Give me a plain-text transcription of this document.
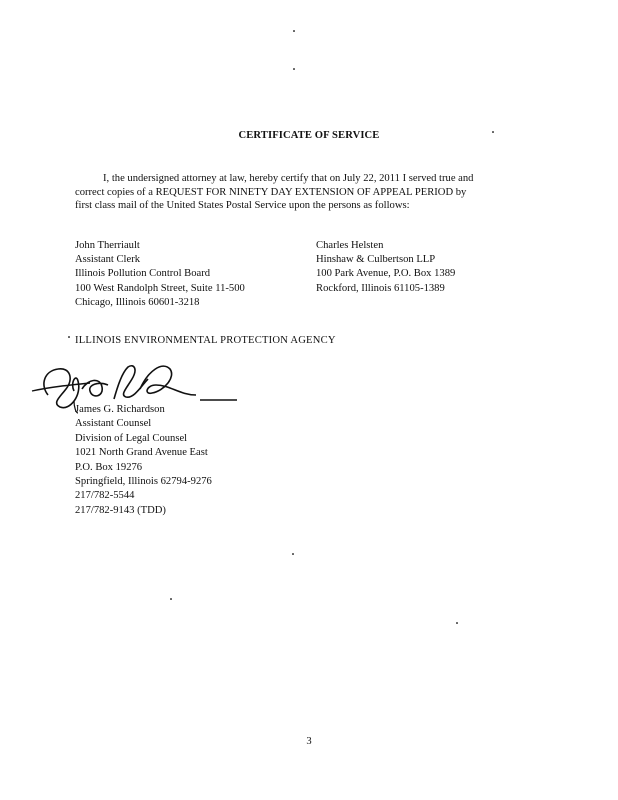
CERTIFICATE OF SERVICE
I, the undersigned attorney at law, hereby certify that on July 22, 2011 I served true and
correct copies of a REQUEST FOR NINETY DAY EXTENSION OF APPEAL PERIOD by
first class mail of the United States Postal Service upon the persons as follows:
John Therriault
Assistant Clerk
Illinois Pollution Control Board
100 West Randolph Street, Suite 11-500
Chicago, Illinois 60601-3218
Charles Helsten
Hinshaw & Culbertson LLP
100 Park Avenue, P.O. Box 1389
Rockford, Illinois 61105-1389
ILLINOIS ENVIRONMENTAL PROTECTION AGENCY
James G. Richardson
Assistant Counsel
Division of Legal Counsel
1021 North Grand Avenue East
P.O. Box 19276
Springfield, Illinois 62794-9276
217/782-5544
217/782-9143 (TDD)
3
